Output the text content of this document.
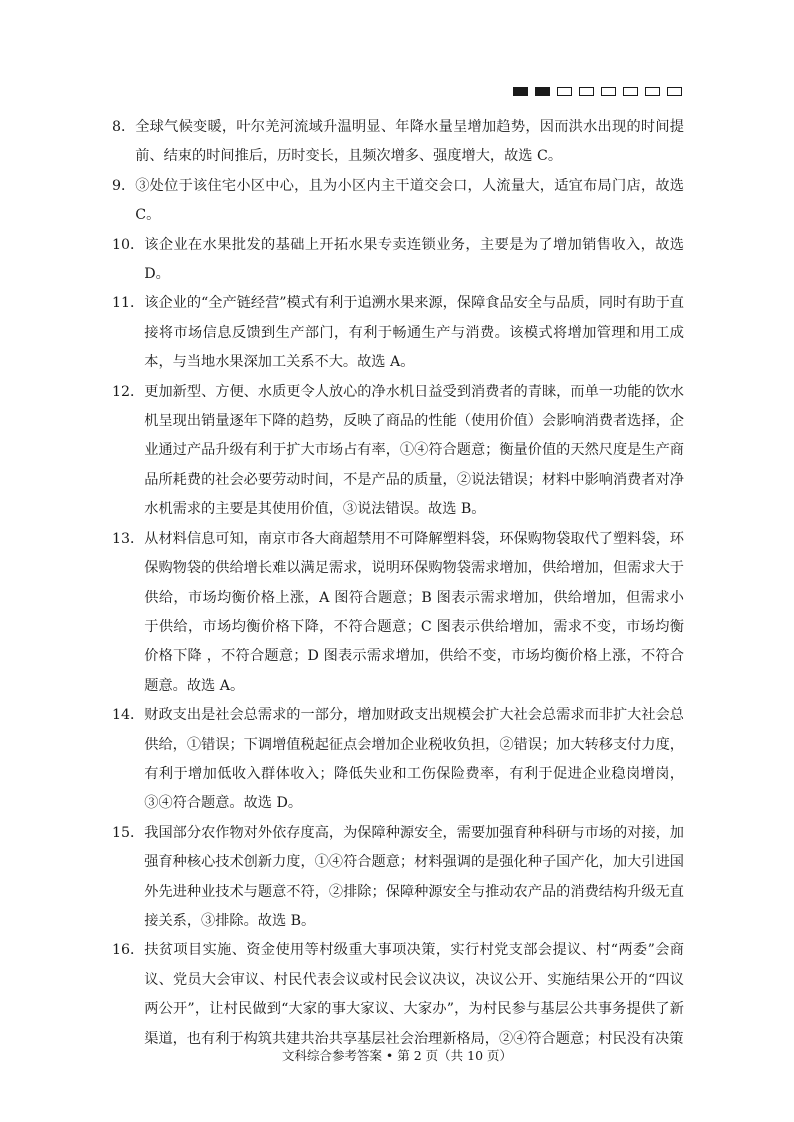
8． 全球气候变暖，叶尔羌河流域升温明显、年降水量呈增加趋势，因而洪水出现的时间提前、结束的时间推后，历时变长，且频次增多、强度增大，故选 C。
9． ③处位于该住宅小区中心，且为小区内主干道交会口，人流量大，适宜布局门店，故选 C。
10． 该企业在水果批发的基础上开拓水果专卖连锁业务，主要是为了增加销售收入，故选 D。
11． 该企业的“全产链经营”模式有利于追溯水果来源，保障食品安全与品质，同时有助于直接将市场信息反馈到生产部门，有利于畅通生产与消费。该模式将增加管理和用工成本，与当地水果深加工关系不大。故选 A。
12． 更加新型、方便、水质更令人放心的净水机日益受到消费者的青睐，而单一功能的饮水机呈现出销量逐年下降的趋势，反映了商品的性能（使用价值）会影响消费者选择，企业通过产品升级有利于扩大市场占有率，①④符合题意；衡量价值的天然尺度是生产商品所耗费的社会必要劳动时间，不是产品的质量，②说法错误；材料中影响消费者对净水机需求的主要是其使用价值，③说法错误。故选 B。
13． 从材料信息可知，南京市各大商超禁用不可降解塑料袋，环保购物袋取代了塑料袋，环保购物袋的供给增长难以满足需求，说明环保购物袋需求增加，供给增加，但需求大于供给，市场均衡价格上涨，A 图符合题意；B 图表示需求增加，供给增加，但需求小于供给，市场均衡价格下降，不符合题意；C 图表示供给增加，需求不变，市场均衡价格下降 ，不符合题意；D 图表示需求增加，供给不变，市场均衡价格上涨，不符合题意。故选 A。
14． 财政支出是社会总需求的一部分，增加财政支出规模会扩大社会总需求而非扩大社会总供给，①错误；下调增值税起征点会增加企业税收负担，②错误；加大转移支付力度，有利于增加低收入群体收入；降低失业和工伤保险费率，有利于促进企业稳岗增岗，③④符合题意。故选 D。
15． 我国部分农作物对外依存度高，为保障种源安全，需要加强育种科研与市场的对接，加强育种核心技术创新力度，①④符合题意；材料强调的是强化种子国产化，加大引进国外先进种业技术与题意不符，②排除；保障种源安全与推动农产品的消费结构升级无直接关系，③排除。故选 B。
16． 扶贫项目实施、资金使用等村级重大事项决策，实行村党支部会提议、村“两委”会商议、党员大会审议、村民代表会议或村民会议决议，决议公开、实施结果公开的“四议两公开”，让村民做到“大家的事大家议、大家办”，为村民参与基层公共事务提供了新渠道，也有利于构筑共建共治共享基层社会治理新格局，②④符合题意；村民没有决策
文科综合参考答案 • 第 2 页（共 10 页）
